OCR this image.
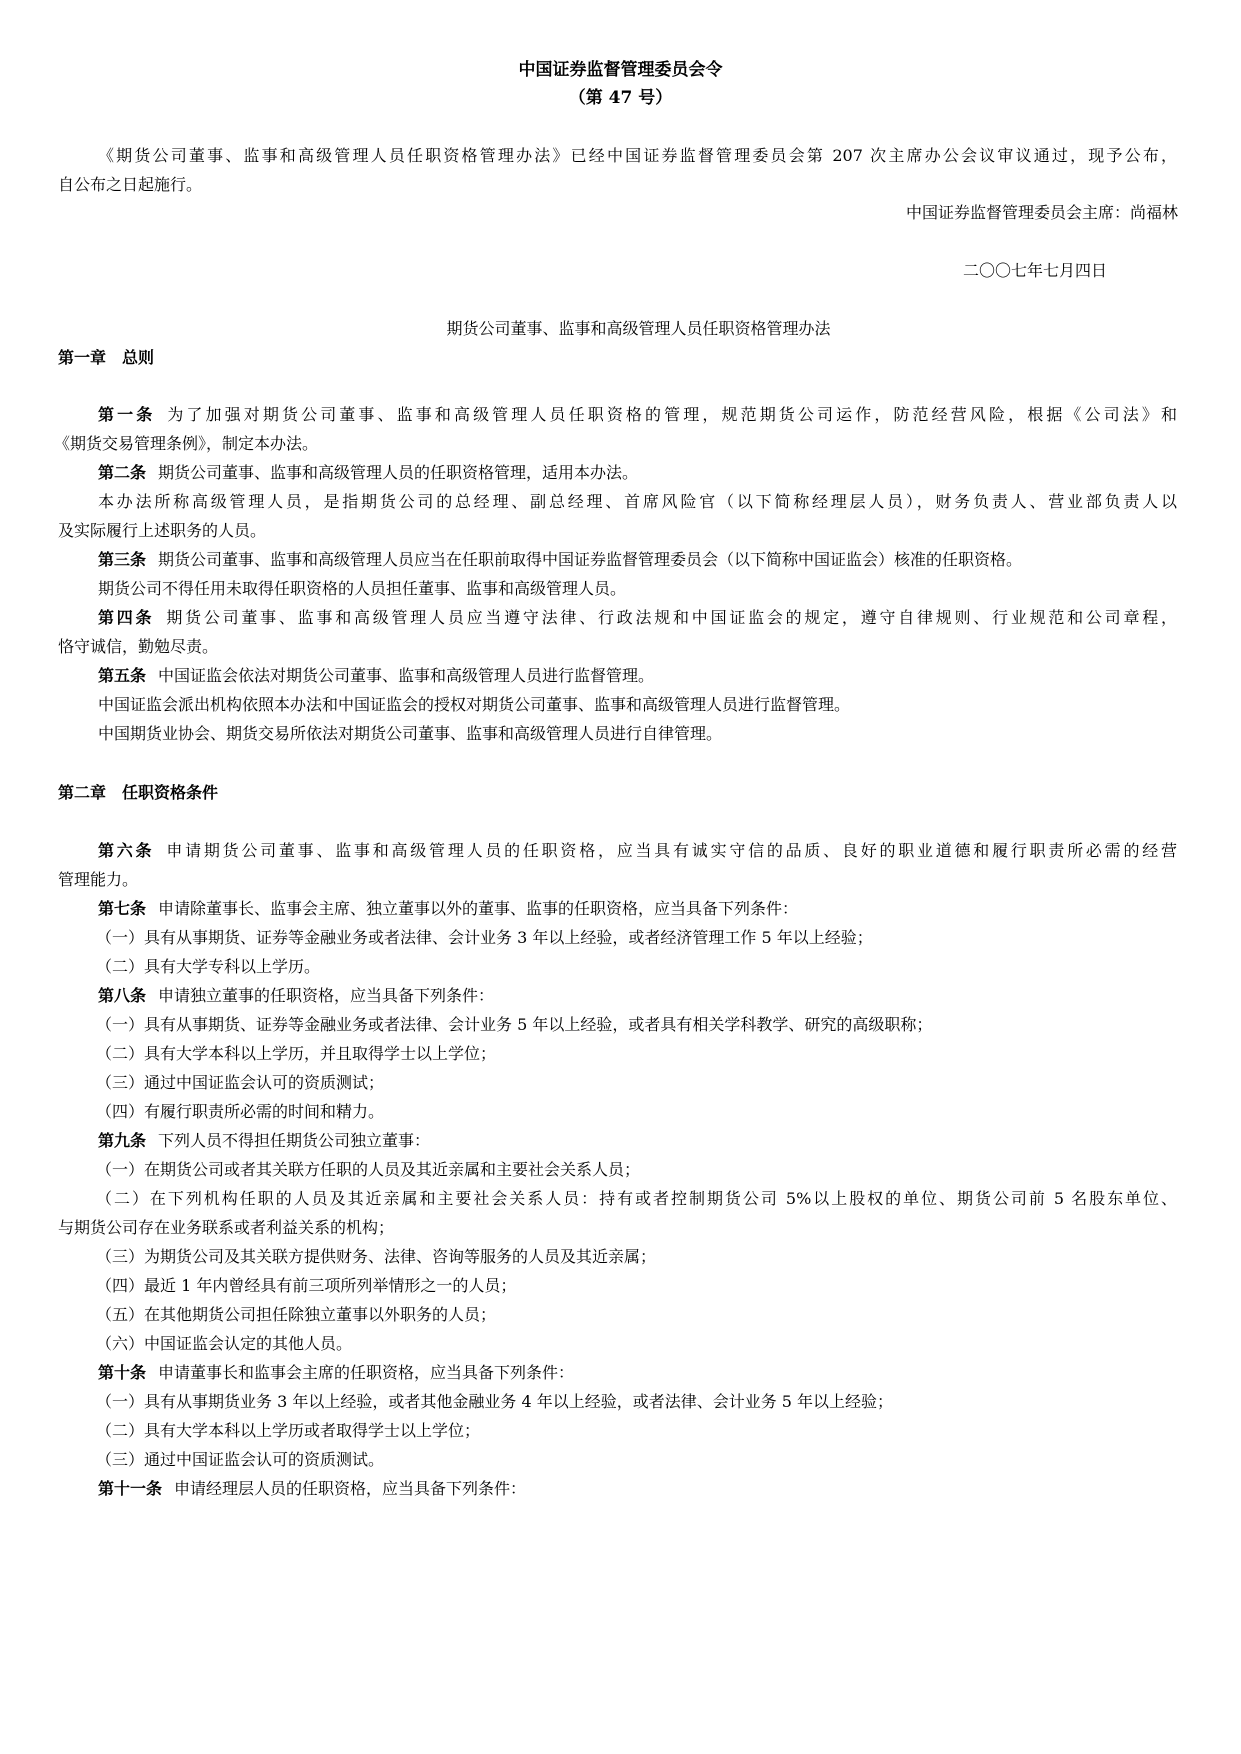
中国证券监督管理委员会令
（第 47 号）
《期货公司董事、监事和高级管理人员任职资格管理办法》已经中国证券监督管理委员会第 207 次主席办公会议审议通过，现予公布，
自公布之日起施行。
中国证券监督管理委员会主席：尚福林
二〇〇七年七月四日
期货公司董事、监事和高级管理人员任职资格管理办法
第一章　总则
第一条 为了加强对期货公司董事、监事和高级管理人员任职资格的管理，规范期货公司运作，防范经营风险，根据《公司法》和
《期货交易管理条例》，制定本办法。
第二条 期货公司董事、监事和高级管理人员的任职资格管理，适用本办法。
本办法所称高级管理人员，是指期货公司的总经理、副总经理、首席风险官（以下简称经理层人员），财务负责人、营业部负责人以
及实际履行上述职务的人员。
第三条 期货公司董事、监事和高级管理人员应当在任职前取得中国证券监督管理委员会（以下简称中国证监会）核准的任职资格。
期货公司不得任用未取得任职资格的人员担任董事、监事和高级管理人员。
第四条 期货公司董事、监事和高级管理人员应当遵守法律、行政法规和中国证监会的规定，遵守自律规则、行业规范和公司章程，
恪守诚信，勤勉尽责。
第五条 中国证监会依法对期货公司董事、监事和高级管理人员进行监督管理。
中国证监会派出机构依照本办法和中国证监会的授权对期货公司董事、监事和高级管理人员进行监督管理。
中国期货业协会、期货交易所依法对期货公司董事、监事和高级管理人员进行自律管理。
第二章　任职资格条件
第六条 申请期货公司董事、监事和高级管理人员的任职资格，应当具有诚实守信的品质、良好的职业道德和履行职责所必需的经营
管理能力。
第七条 申请除董事长、监事会主席、独立董事以外的董事、监事的任职资格，应当具备下列条件：
（一）具有从事期货、证券等金融业务或者法律、会计业务 3 年以上经验，或者经济管理工作 5 年以上经验；
（二）具有大学专科以上学历。
第八条 申请独立董事的任职资格，应当具备下列条件：
（一）具有从事期货、证券等金融业务或者法律、会计业务 5 年以上经验，或者具有相关学科教学、研究的高级职称；
（二）具有大学本科以上学历，并且取得学士以上学位；
（三）通过中国证监会认可的资质测试；
（四）有履行职责所必需的时间和精力。
第九条 下列人员不得担任期货公司独立董事：
（一）在期货公司或者其关联方任职的人员及其近亲属和主要社会关系人员；
（二）在下列机构任职的人员及其近亲属和主要社会关系人员：持有或者控制期货公司 5%以上股权的单位、期货公司前 5 名股东单位、
与期货公司存在业务联系或者利益关系的机构；
（三）为期货公司及其关联方提供财务、法律、咨询等服务的人员及其近亲属；
（四）最近 1 年内曾经具有前三项所列举情形之一的人员；
（五）在其他期货公司担任除独立董事以外职务的人员；
（六）中国证监会认定的其他人员。
第十条 申请董事长和监事会主席的任职资格，应当具备下列条件：
（一）具有从事期货业务 3 年以上经验，或者其他金融业务 4 年以上经验，或者法律、会计业务 5 年以上经验；
（二）具有大学本科以上学历或者取得学士以上学位；
（三）通过中国证监会认可的资质测试。
第十一条 申请经理层人员的任职资格，应当具备下列条件：
